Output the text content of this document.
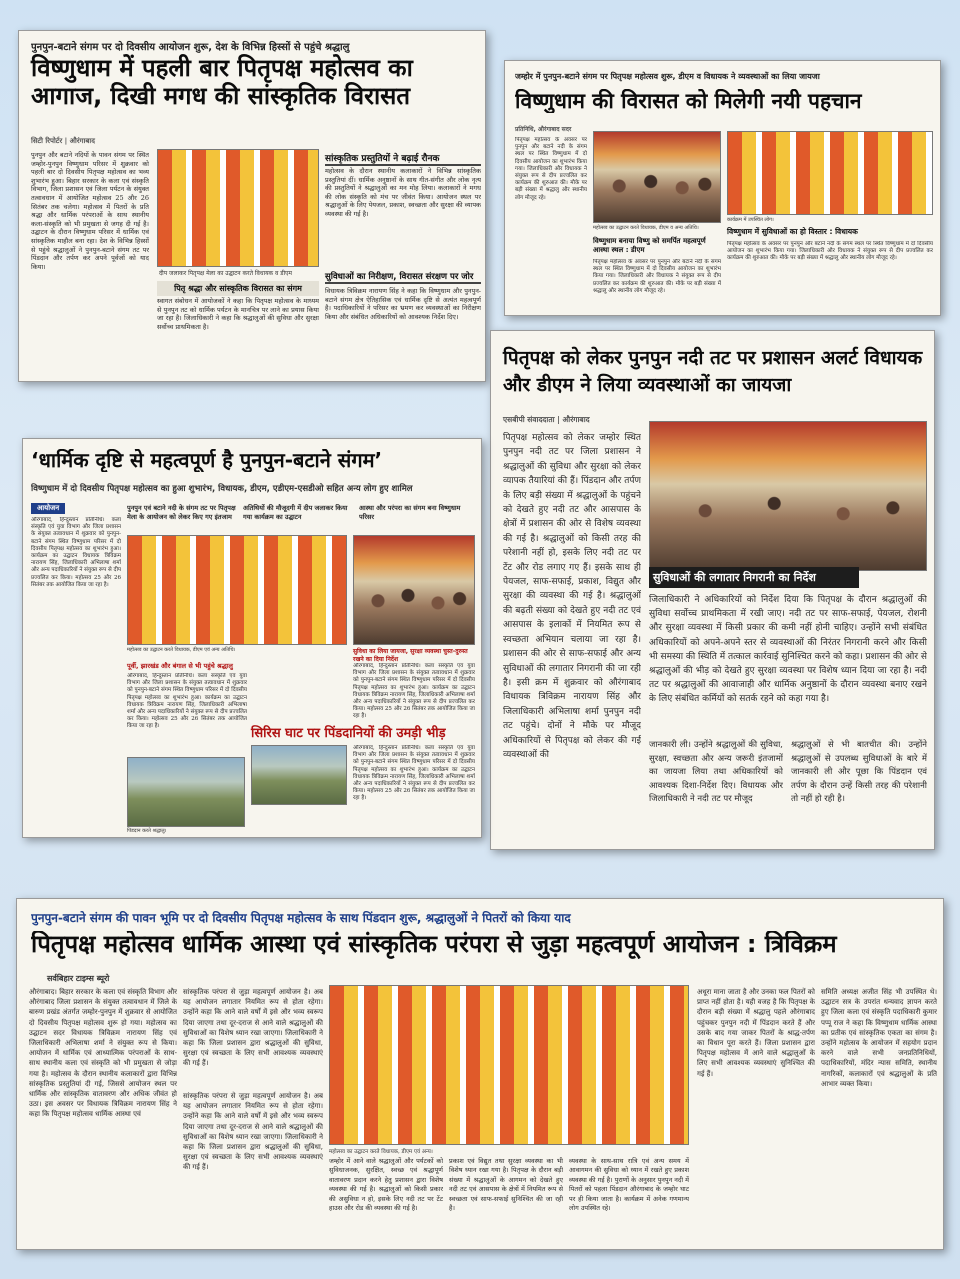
पुनपुन-बटाने संगम पर दो दिवसीय आयोजन शुरू, देश के विभिन्न हिस्सों से पहुंचे श्रद्धालु
विष्णुधाम में पहली बार पितृपक्ष महोत्सव का आगाज, दिखी मगध की सांस्कृतिक विरासत
सिटी रिपोर्टर | औरंगाबाद
पुनपुन और बटाने नदियों के पावन संगम पर स्थित जम्होर-पुनपुन विष्णुधाम परिसर में शुक्रवार को पहली बार दो दिवसीय पितृपक्ष महोत्सव का भव्य शुभारंभ हुआ। बिहार सरकार के कला एवं संस्कृति विभाग, जिला प्रशासन एवं जिला पर्यटन के संयुक्त तत्वावधान में आयोजित महोत्सव 25 और 26 सितंबर तक चलेगा। महोत्सव में पितरों के प्रति श्रद्धा और धार्मिक परंपराओं के साथ स्थानीय कला-संस्कृति को भी प्रमुखता से जगह दी गई है। उद्घाटन के दौरान विष्णुधाम परिसर में धार्मिक एवं सांस्कृतिक माहौल बना रहा। देश के विभिन्न हिस्सों से पहुंचे श्रद्धालुओं ने पुनपुन-बटाने संगम तट पर पिंडदान और तर्पण कर अपने पूर्वजों को याद किया।
दीप जलाकर पितृपक्ष मेला का उद्घाटन करते विधायक व डीएम
सांस्कृतिक प्रस्तुतियों ने बढ़ाई रौनक
महोत्सव के दौरान स्थानीय कलाकारों ने विभिन्न सांस्कृतिक प्रस्तुतियां दीं। धार्मिक अनुष्ठानों के साथ गीत-संगीत और लोक नृत्य की प्रस्तुतियों ने श्रद्धालुओं का मन मोह लिया। कलाकारों ने मगध की लोक संस्कृति को मंच पर जीवंत किया। आयोजन स्थल पर श्रद्धालुओं के लिए पेयजल, प्रकाश, स्वच्छता और सुरक्षा की व्यापक व्यवस्था की गई है।
पितृ श्रद्धा और सांस्कृतिक विरासत का संगम
स्वागत संबोधन में आयोजकों ने कहा कि पितृपक्ष महोत्सव के माध्यम से पुनपुन तट को धार्मिक पर्यटन के मानचित्र पर लाने का प्रयास किया जा रहा है। जिलाधिकारी ने कहा कि श्रद्धालुओं की सुविधा और सुरक्षा सर्वोच्च प्राथमिकता है।
सुविधाओं का निरीक्षण, विरासत संरक्षण पर जोर
विधायक त्रिविक्रम नारायण सिंह ने कहा कि विष्णुधाम और पुनपुन-बटाने संगम क्षेत्र ऐतिहासिक एवं धार्मिक दृष्टि से अत्यंत महत्वपूर्ण है। पदाधिकारियों ने परिसर का भ्रमण कर व्यवस्थाओं का निरीक्षण किया और संबंधित अधिकारियों को आवश्यक निर्देश दिए।
जम्होर में पुनपुन-बटाने संगम पर पितृपक्ष महोत्सव शुरू, डीएम व विधायक ने व्यवस्थाओं का लिया जायजा
विष्णुधाम की विरासत को मिलेगी नयी पहचान
प्रतिनिधि, औरंगाबाद सदर
पितृपक्ष महोत्सव के अवसर पर पुनपुन और बटाने नदी के संगम स्थल पर स्थित विष्णुधाम में दो दिवसीय आयोजन का शुभारंभ किया गया। जिलाधिकारी और विधायक ने संयुक्त रूप से दीप प्रज्वलित कर कार्यक्रम की शुरुआत की। मौके पर बड़ी संख्या में श्रद्धालु और स्थानीय लोग मौजूद रहे।
महोत्सव का उद्घाटन करते विधायक, डीएम व अन्य अतिथि।
कार्यक्रम में उपस्थित लोग।
विष्णुधाम बनाया विष्णु को समर्पित महत्वपूर्ण आस्था स्थल : डीएम
विष्णुधाम में सुविधाओं का हो विस्तार : विधायक
पितृपक्ष महोत्सव के अवसर पर पुनपुन और बटाने नदी के संगम स्थल पर स्थित विष्णुधाम में दो दिवसीय आयोजन का शुभारंभ किया गया। जिलाधिकारी और विधायक ने संयुक्त रूप से दीप प्रज्वलित कर कार्यक्रम की शुरुआत की। मौके पर बड़ी संख्या में श्रद्धालु और स्थानीय लोग मौजूद रहे।
पितृपक्ष महोत्सव के अवसर पर पुनपुन और बटाने नदी के संगम स्थल पर स्थित विष्णुधाम में दो दिवसीय आयोजन का शुभारंभ किया गया। जिलाधिकारी और विधायक ने संयुक्त रूप से दीप प्रज्वलित कर कार्यक्रम की शुरुआत की। मौके पर बड़ी संख्या में श्रद्धालु और स्थानीय लोग मौजूद रहे।
पितृपक्ष को लेकर पुनपुन नदी तट पर प्रशासन अलर्ट विधायक और डीएम ने लिया व्यवस्थाओं का जायजा
एसबीपी संवाददाता | औरंगाबाद
पितृपक्ष महोत्सव को लेकर जम्होर स्थित पुनपुन नदी तट पर जिला प्रशासन ने श्रद्धालुओं की सुविधा और सुरक्षा को लेकर व्यापक तैयारियां की हैं। पिंडदान और तर्पण के लिए बड़ी संख्या में श्रद्धालुओं के पहुंचने को देखते हुए नदी तट और आसपास के क्षेत्रों में प्रशासन की ओर से विशेष व्यवस्था की गई है। श्रद्धालुओं को किसी तरह की परेशानी नहीं हो, इसके लिए नदी तट पर टेंट और रोड लगाए गए हैं। इसके साथ ही पेयजल, साफ-सफाई, प्रकाश, विद्युत और सुरक्षा की व्यवस्था की गई है। श्रद्धालुओं की बढ़ती संख्या को देखते हुए नदी तट एवं आसपास के इलाकों में नियमित रूप से स्वच्छता अभियान चलाया जा रहा है। प्रशासन की ओर से साफ-सफाई और अन्य सुविधाओं की लगातार निगरानी की जा रही है। इसी क्रम में शुक्रवार को औरंगाबाद विधायक त्रिविक्रम नारायण सिंह और जिलाधिकारी अभिलाषा शर्मा पुनपुन नदी तट पहुंचे। दोनों ने मौके पर मौजूद अधिकारियों से पितृपक्ष को लेकर की गई व्यवस्थाओं की
सुविधाओं की लगातार निगरानी का निर्देश
जिलाधिकारी ने अधिकारियों को निर्देश दिया कि पितृपक्ष के दौरान श्रद्धालुओं की सुविधा सर्वोच्च प्राथमिकता में रखी जाए। नदी तट पर साफ-सफाई, पेयजल, रोशनी और सुरक्षा व्यवस्था में किसी प्रकार की कमी नहीं होनी चाहिए। उन्होंने सभी संबंधित अधिकारियों को अपने-अपने स्तर से व्यवस्थाओं की निरंतर निगरानी करने और किसी भी समस्या की स्थिति में तत्काल कार्रवाई सुनिश्चित करने को कहा। प्रशासन की ओर से श्रद्धालुओं की भीड़ को देखते हुए सुरक्षा व्यवस्था पर विशेष ध्यान दिया जा रहा है। नदी तट पर श्रद्धालुओं की आवाजाही और धार्मिक अनुष्ठानों के दौरान व्यवस्था बनाए रखने के लिए संबंधित कर्मियों को सतर्क रहने को कहा गया है।
जानकारी ली। उन्होंने श्रद्धालुओं की सुविधा, सुरक्षा, स्वच्छता और अन्य जरूरी इंतजामों का जायजा लिया तथा अधिकारियों को आवश्यक दिशा-निर्देश दिए। विधायक और जिलाधिकारी ने नदी तट पर मौजूद
श्रद्धालुओं से भी बातचीत की। उन्होंने श्रद्धालुओं से उपलब्ध सुविधाओं के बारे में जानकारी ली और पूछा कि पिंडदान एवं तर्पण के दौरान उन्हें किसी तरह की परेशानी तो नहीं हो रही है।
‘धार्मिक दृष्टि से महत्वपूर्ण है पुनपुन-बटाने संगम’
विष्णुधाम में दो दिवसीय पितृपक्ष महोत्सव का हुआ शुभारंभ, विधायक, डीएम, एडीएम-एसडीओ सहित अन्य लोग हुए शामिल
आयोजन
औरंगाबाद, हिन्दुस्तान प्रतिनिधि। कला संस्कृति एवं युवा विभाग और जिला प्रशासन के संयुक्त तत्वावधान में शुक्रवार को पुनपुन-बटाने संगम स्थित विष्णुधाम परिसर में दो दिवसीय पितृपक्ष महोत्सव का शुभारंभ हुआ। कार्यक्रम का उद्घाटन विधायक त्रिविक्रम नारायण सिंह, जिलाधिकारी अभिलाषा शर्मा और अन्य पदाधिकारियों ने संयुक्त रूप से दीप प्रज्वलित कर किया। महोत्सव 25 और 26 सितंबर तक आयोजित किया जा रहा है।
पुनपुन एवं बटाने नदी के संगम तट पर पितृपक्ष मेला के आयोजन को लेकर किए गए इंतजाम
अतिथियों की मौजूदगी में दीप जलाकर किया गया कार्यक्रम का उद्घाटन
आस्था और परंपरा का संगम बना विष्णुधाम परिसर
महोत्सव का उद्घाटन करते विधायक, डीएम एवं अन्य अतिथि।	सुविधा का लिया जायजा, सुरक्षा व्यवस्था चुस्त-दुरुस्त रखने का दिया निर्देश
पूर्वी, झारखंड और बंगाल से भी पहुंचे श्रद्धालु
औरंगाबाद, हिन्दुस्तान प्रतिनिधि। कला संस्कृति एवं युवा विभाग और जिला प्रशासन के संयुक्त तत्वावधान में शुक्रवार को पुनपुन-बटाने संगम स्थित विष्णुधाम परिसर में दो दिवसीय पितृपक्ष महोत्सव का शुभारंभ हुआ। कार्यक्रम का उद्घाटन विधायक त्रिविक्रम नारायण सिंह, जिलाधिकारी अभिलाषा शर्मा और अन्य पदाधिकारियों ने संयुक्त रूप से दीप प्रज्वलित कर किया। महोत्सव 25 और 26 सितंबर तक आयोजित किया जा रहा है।
औरंगाबाद, हिन्दुस्तान प्रतिनिधि। कला संस्कृति एवं युवा विभाग और जिला प्रशासन के संयुक्त तत्वावधान में शुक्रवार को पुनपुन-बटाने संगम स्थित विष्णुधाम परिसर में दो दिवसीय पितृपक्ष महोत्सव का शुभारंभ हुआ। कार्यक्रम का उद्घाटन विधायक त्रिविक्रम नारायण सिंह, जिलाधिकारी अभिलाषा शर्मा और अन्य पदाधिकारियों ने संयुक्त रूप से दीप प्रज्वलित कर किया। महोत्सव 25 और 26 सितंबर तक आयोजित किया जा रहा है।
सिरिस घाट पर पिंडदानियों की उमड़ी भीड़
पिंडदान करते श्रद्धालु।
औरंगाबाद, हिन्दुस्तान प्रतिनिधि। कला संस्कृति एवं युवा विभाग और जिला प्रशासन के संयुक्त तत्वावधान में शुक्रवार को पुनपुन-बटाने संगम स्थित विष्णुधाम परिसर में दो दिवसीय पितृपक्ष महोत्सव का शुभारंभ हुआ। कार्यक्रम का उद्घाटन विधायक त्रिविक्रम नारायण सिंह, जिलाधिकारी अभिलाषा शर्मा और अन्य पदाधिकारियों ने संयुक्त रूप से दीप प्रज्वलित कर किया। महोत्सव 25 और 26 सितंबर तक आयोजित किया जा रहा है।
पुनपुन-बटाने संगम की पावन भूमि पर दो दिवसीय पितृपक्ष महोत्सव के साथ पिंडदान शुरू, श्रद्धालुओं ने पितरों को किया याद
पितृपक्ष महोत्सव धार्मिक आस्था एवं सांस्कृतिक परंपरा से जुड़ा महत्वपूर्ण आयोजन : त्रिविक्रम
सर्वबिहार टाइम्स ब्यूरो
औरंगाबाद। बिहार सरकार के कला एवं संस्कृति विभाग और औरंगाबाद जिला प्रशासन के संयुक्त तत्वावधान में जिले के बारुण प्रखंड अंतर्गत जम्होर-पुनपुन में शुक्रवार से आयोजित दो दिवसीय पितृपक्ष महोत्सव शुरू हो गया। महोत्सव का उद्घाटन सदर विधायक त्रिविक्रम नारायण सिंह एवं जिलाधिकारी अभिलाषा शर्मा ने संयुक्त रूप से किया। आयोजन में धार्मिक एवं आध्यात्मिक परंपराओं के साथ-साथ स्थानीय कला एवं संस्कृति को भी प्रमुखता से जोड़ा गया है। महोत्सव के दौरान स्थानीय कलाकारों द्वारा विभिन्न सांस्कृतिक प्रस्तुतियां दी गई, जिससे आयोजन स्थल पर धार्मिक और सांस्कृतिक वातावरण और अधिक जीवंत हो उठा। इस अवसर पर विधायक त्रिविक्रम नारायण सिंह ने कहा कि पितृपक्ष महोत्सव धार्मिक आस्था एवं
सांस्कृतिक परंपरा से जुड़ा महत्वपूर्ण आयोजन है। अब यह आयोजन लगातार नियमित रूप से होता रहेगा। उन्होंने कहा कि आने वाले वर्षों में इसे और भव्य स्वरूप दिया जाएगा तथा दूर-दराज से आने वाले श्रद्धालुओं की सुविधाओं का विशेष ध्यान रखा जाएगा। जिलाधिकारी ने कहा कि जिला प्रशासन द्वारा श्रद्धालुओं की सुविधा, सुरक्षा एवं स्वच्छता के लिए सभी आवश्यक व्यवस्थाएं की गई हैं।
महोत्सव का उद्घाटन करते विधायक, डीएम एवं अन्य।
सांस्कृतिक परंपरा से जुड़ा महत्वपूर्ण आयोजन है। अब यह आयोजन लगातार नियमित रूप से होता रहेगा। उन्होंने कहा कि आने वाले वर्षों में इसे और भव्य स्वरूप दिया जाएगा तथा दूर-दराज से आने वाले श्रद्धालुओं की सुविधाओं का विशेष ध्यान रखा जाएगा। जिलाधिकारी ने कहा कि जिला प्रशासन द्वारा श्रद्धालुओं की सुविधा, सुरक्षा एवं स्वच्छता के लिए सभी आवश्यक व्यवस्थाएं की गई हैं।
जम्होर में आने वाले श्रद्धालुओं और पर्यटकों को सुविधाजनक, सुरक्षित, स्वच्छ एवं श्रद्धापूर्ण वातावरण प्रदान करने हेतु प्रशासन द्वारा विशेष व्यवस्था की गई है। श्रद्धालुओं को किसी प्रकार की असुविधा न हो, इसके लिए नदी तट पर टेंट हाउस और रोड की व्यवस्था की गई है।
प्रकाश एवं विद्युत तथा सुरक्षा व्यवस्था का भी विशेष ध्यान रखा गया है। पितृपक्ष के दौरान बड़ी संख्या में श्रद्धालुओं के आगमन को देखते हुए नदी तट एवं आसपास के क्षेत्रों में नियमित रूप से स्वच्छता एवं साफ-सफाई सुनिश्चित की जा रही है।
व्यवस्था के साथ-साथ रात्रि एवं अन्य समय में आवागमन की सुविधा को ध्यान में रखते हुए प्रकाश व्यवस्था की गई है। पुराणों के अनुसार पुनपुन नदी में पितरों को पहला पिंडदान औरंगाबाद के जम्होर घाट पर ही किया जाता है। कार्यक्रम में अनेक गणमान्य लोग उपस्थित रहे।
अधूरा माना जाता है और उनका फल पितरों को प्राप्त नहीं होता है। यही वजह है कि पितृपक्ष के दौरान बड़ी संख्या में श्रद्धालु पहले औरंगाबाद पहुंचकर पुनपुन नदी में पिंडदान करते हैं और उसके बाद गया जाकर पितरों के श्राद्ध-तर्पण का विधान पूरा करते हैं। जिला प्रशासन द्वारा पितृपक्ष महोत्सव में आने वाले श्रद्धालुओं के लिए सभी आवश्यक व्यवस्थाएं सुनिश्चित की गई हैं।
समिति अध्यक्ष अजीत सिंह भी उपस्थित थे। उद्घाटन सत्र के उपरांत धन्यवाद ज्ञापन करते हुए जिला कला एवं संस्कृति पदाधिकारी कुमार पप्पू राज ने कहा कि विष्णुधाम धार्मिक आस्था का प्रतीक एवं सांस्कृतिक एकता का संगम है। उन्होंने महोत्सव के आयोजन में सहयोग प्रदान करने वाले सभी जनप्रतिनिधियों, पदाधिकारियों, मंदिर न्यास समिति, स्थानीय नागरिकों, कलाकारों एवं श्रद्धालुओं के प्रति आभार व्यक्त किया।
